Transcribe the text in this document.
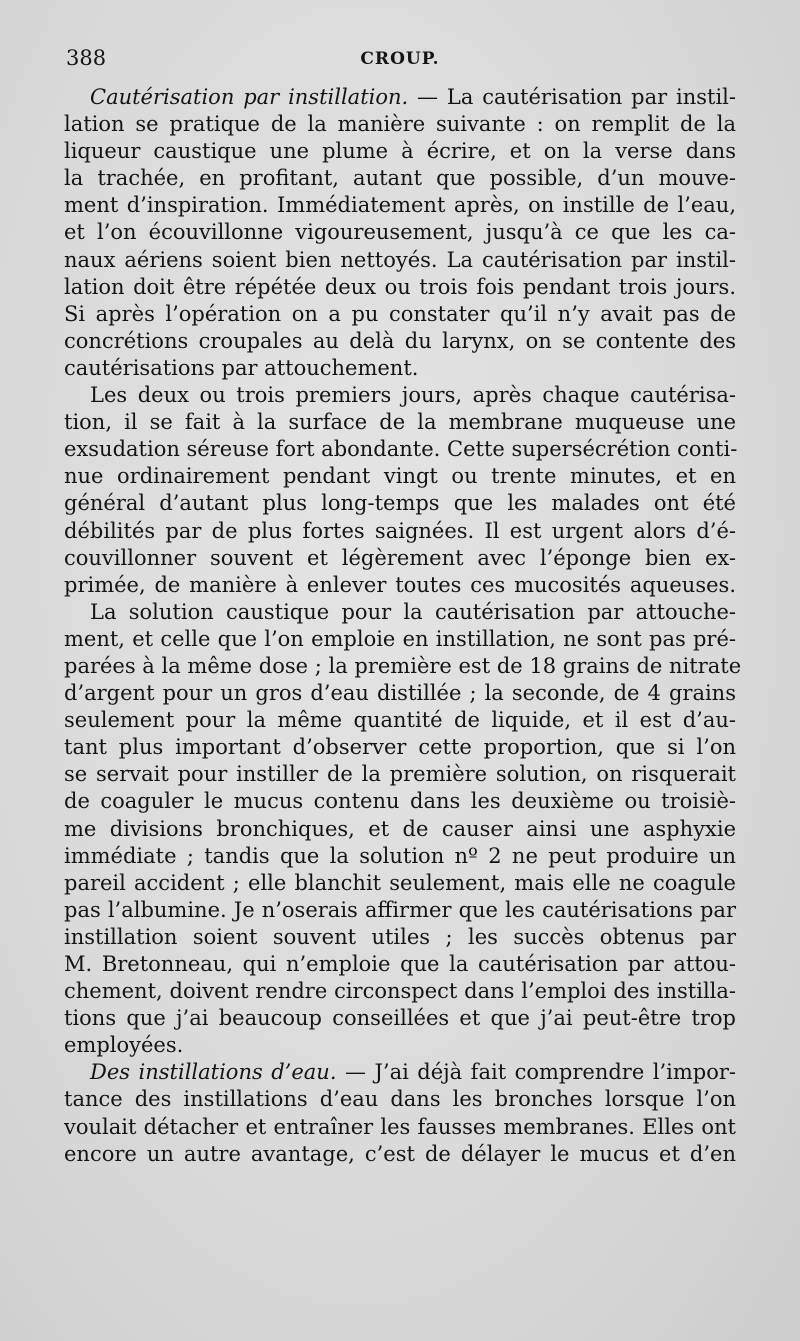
388	CROUP.
Cautérisation par instillation. — La cautérisation par instil-
lation se pratique de la manière suivante : on remplit de la
liqueur caustique une plume à écrire, et on la verse dans
la trachée, en profitant, autant que possible, d’un mouve-
ment d’inspiration. Immédiatement après, on instille de l’eau,
et l’on écouvillonne vigoureusement, jusqu’à ce que les ca-
naux aériens soient bien nettoyés. La cautérisation par instil-
lation doit être répétée deux ou trois fois pendant trois jours.
Si après l’opération on a pu constater qu’il n’y avait pas de
concrétions croupales au delà du larynx, on se contente des
cautérisations par attouchement.
Les deux ou trois premiers jours, après chaque cautérisa-
tion, il se fait à la surface de la membrane muqueuse une
exsudation séreuse fort abondante. Cette supersécrétion conti-
nue ordinairement pendant vingt ou trente minutes, et en
général d’autant plus long-temps que les malades ont été
débilités par de plus fortes saignées. Il est urgent alors d’é-
couvillonner souvent et légèrement avec l’éponge bien ex-
primée, de manière à enlever toutes ces mucosités aqueuses.
La solution caustique pour la cautérisation par attouche-
ment, et celle que l’on emploie en instillation, ne sont pas pré-
parées à la même dose ; la première est de 18 grains de nitrate
d’argent pour un gros d’eau distillée ; la seconde, de 4 grains
seulement pour la même quantité de liquide, et il est d’au-
tant plus important d’observer cette proportion, que si l’on
se servait pour instiller de la première solution, on risquerait
de coaguler le mucus contenu dans les deuxième ou troisiè-
me divisions bronchiques, et de causer ainsi une asphyxie
immédiate ; tandis que la solution nº 2 ne peut produire un
pareil accident ; elle blanchit seulement, mais elle ne coagule
pas l’albumine. Je n’oserais affirmer que les cautérisations par
instillation soient souvent utiles ; les succès obtenus par
M. Bretonneau, qui n’emploie que la cautérisation par attou-
chement, doivent rendre circonspect dans l’emploi des instilla-
tions que j’ai beaucoup conseillées et que j’ai peut-être trop
employées.
Des instillations d’eau. — J’ai déjà fait comprendre l’impor-
tance des instillations d’eau dans les bronches lorsque l’on
voulait détacher et entraîner les fausses membranes. Elles ont
encore un autre avantage, c’est de délayer le mucus et d’en
